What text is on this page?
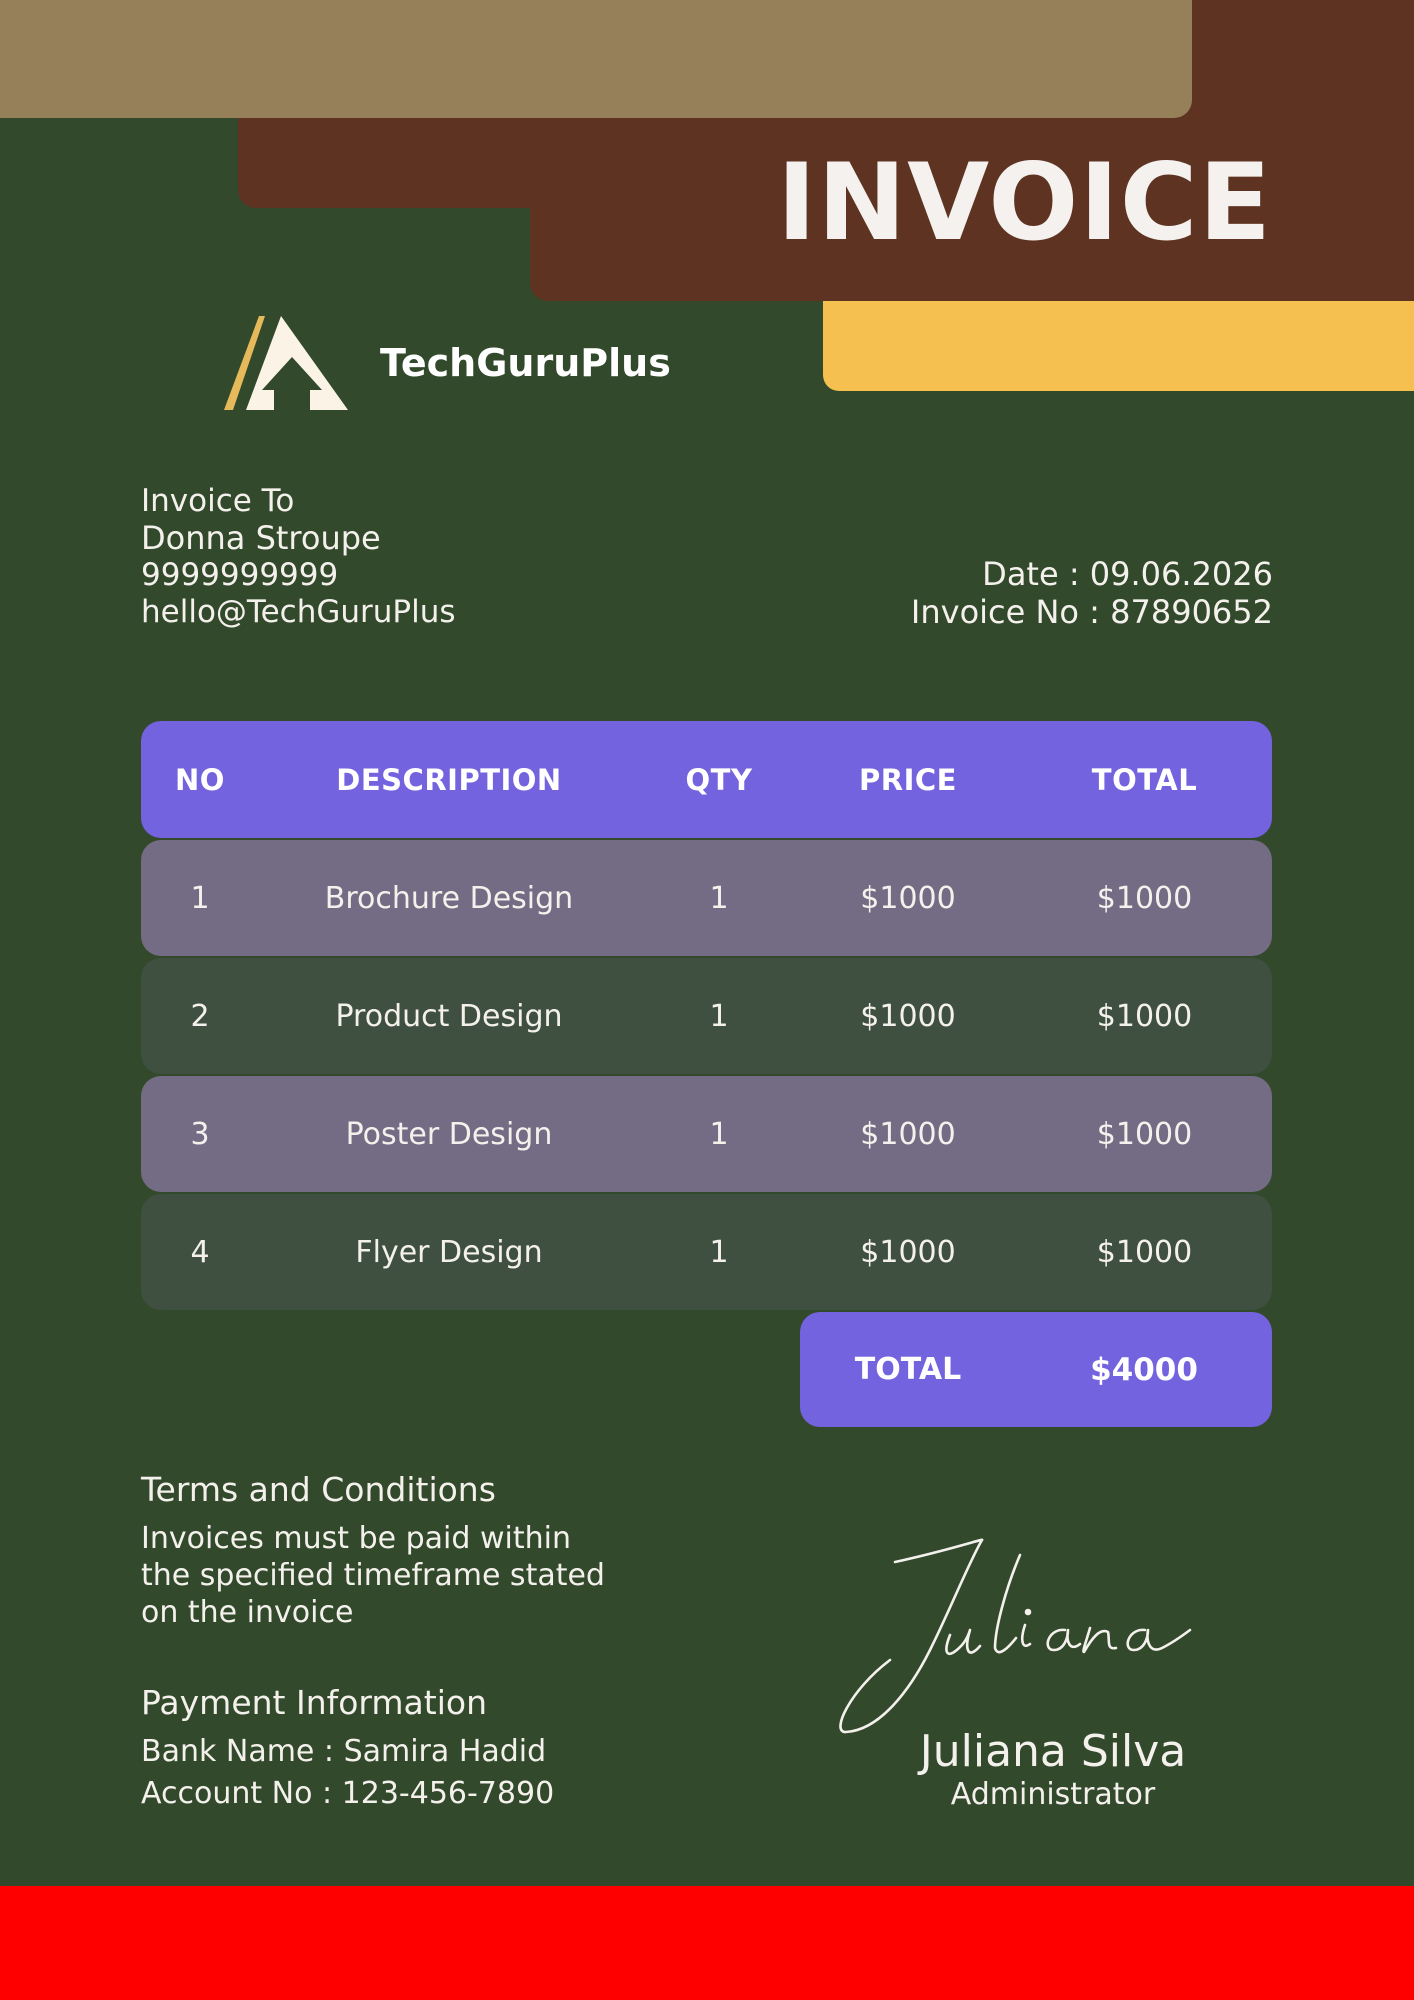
INVOICE
TechGuruPlus
Invoice To
Donna Stroupe
9999999999
hello@TechGuruPlus
Date : 09.06.2026
Invoice No : 87890652
NO	DESCRIPTION	QTY	PRICE	TOTAL
1	Brochure Design	1	$1000	$1000
2	Product Design	1	$1000	$1000
3	Poster Design	1	$1000	$1000
4	Flyer Design	1	$1000	$1000
TOTAL	$4000
Terms and Conditions
Invoices must be paid within the specified timeframe stated on the invoice
Payment Information
Bank Name : Samira Hadid
Account No : 123-456-7890
Juliana Silva
Administrator
